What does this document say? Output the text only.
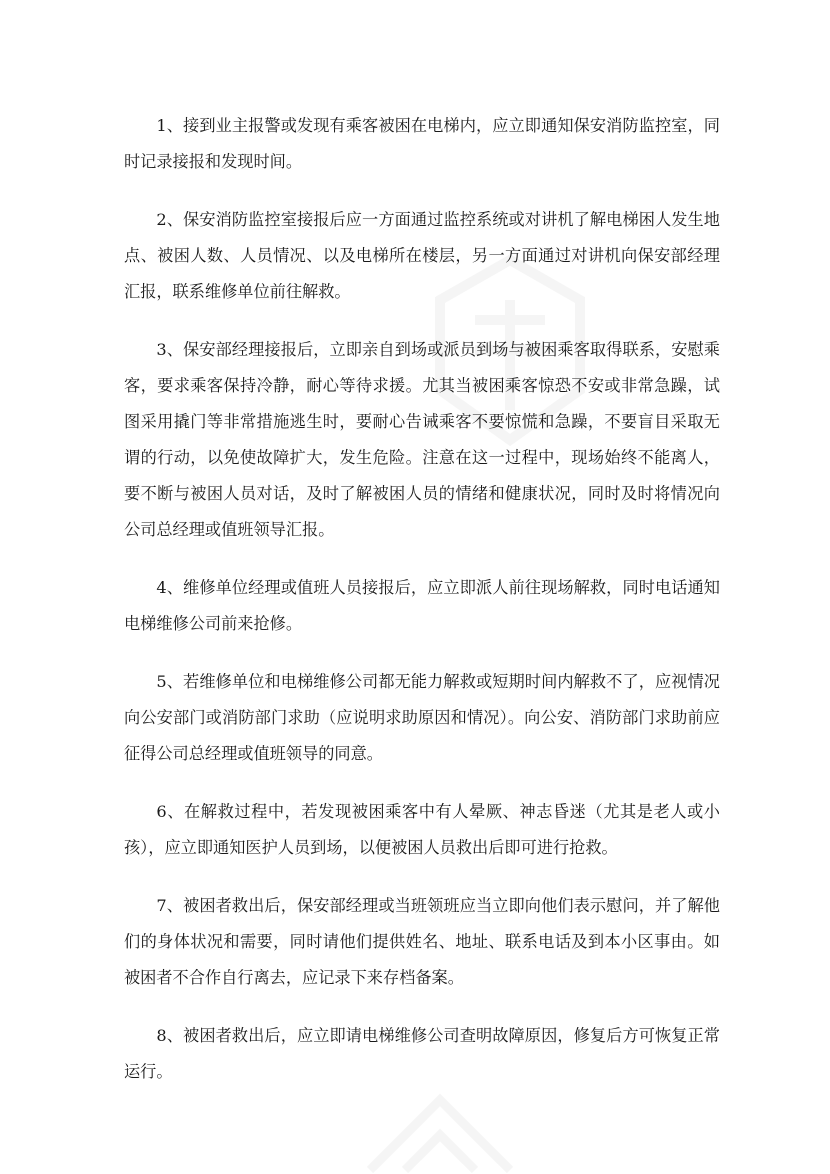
1、接到业主报警或发现有乘客被困在电梯内，应立即通知保安消防监控室，同时记录接报和发现时间。

2、保安消防监控室接报后应一方面通过监控系统或对讲机了解电梯困人发生地点、被困人数、人员情况、以及电梯所在楼层，另一方面通过对讲机向保安部经理汇报，联系维修单位前往解救。

3、保安部经理接报后，立即亲自到场或派员到场与被困乘客取得联系，安慰乘客，要求乘客保持冷静，耐心等待求援。尤其当被困乘客惊恐不安或非常急躁，试图采用撬门等非常措施逃生时，要耐心告诫乘客不要惊慌和急躁，不要盲目采取无谓的行动，以免使故障扩大，发生危险。注意在这一过程中，现场始终不能离人，要不断与被困人员对话，及时了解被困人员的情绪和健康状况，同时及时将情况向公司总经理或值班领导汇报。

4、维修单位经理或值班人员接报后，应立即派人前往现场解救，同时电话通知电梯维修公司前来抢修。

5、若维修单位和电梯维修公司都无能力解救或短期时间内解救不了，应视情况向公安部门或消防部门求助（应说明求助原因和情况）。向公安、消防部门求助前应征得公司总经理或值班领导的同意。

6、在解救过程中，若发现被困乘客中有人晕厥、神志昏迷（尤其是老人或小孩），应立即通知医护人员到场，以便被困人员救出后即可进行抢救。

7、被困者救出后，保安部经理或当班领班应当立即向他们表示慰问，并了解他们的身体状况和需要，同时请他们提供姓名、地址、联系电话及到本小区事由。如被困者不合作自行离去，应记录下来存档备案。

8、被困者救出后，应立即请电梯维修公司查明故障原因，修复后方可恢复正常运行。
